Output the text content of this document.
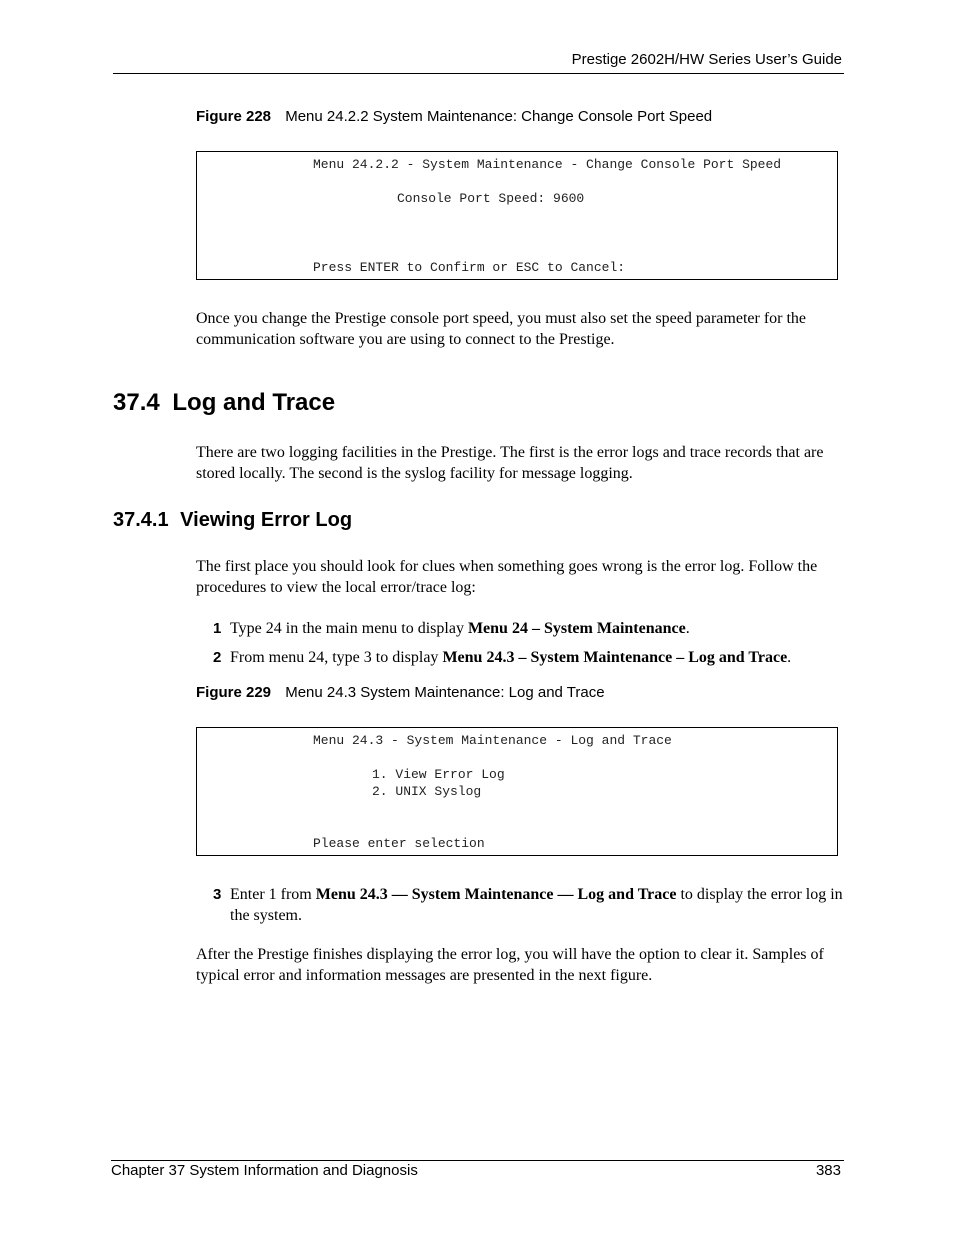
Prestige 2602H/HW Series User’s Guide
Figure 228 Menu 24.2.2 System Maintenance: Change Console Port Speed
Menu 24.2.2 - System Maintenance - Change Console Port Speed
Console Port Speed: 9600
Press ENTER to Confirm or ESC to Cancel:
Once you change the Prestige console port speed, you must also set the speed parameter for the communication software you are using to connect to the Prestige.
37.4 Log and Trace
There are two logging facilities in the Prestige. The first is the error logs and trace records that are stored locally. The second is the syslog facility for message logging.
37.4.1 Viewing Error Log
The first place you should look for clues when something goes wrong is the error log. Follow the procedures to view the local error/trace log:
1 Type 24 in the main menu to display Menu 24 – System Maintenance.
2 From menu 24, type 3 to display Menu 24.3 – System Maintenance – Log and Trace.
Figure 229 Menu 24.3 System Maintenance: Log and Trace
Menu 24.3 - System Maintenance - Log and Trace
1. View Error Log
2. UNIX Syslog
Please enter selection
3 Enter 1 from Menu 24.3 — System Maintenance — Log and Trace to display the error log in the system.
After the Prestige finishes displaying the error log, you will have the option to clear it. Samples of typical error and information messages are presented in the next figure.
Chapter 37 System Information and Diagnosis	383
